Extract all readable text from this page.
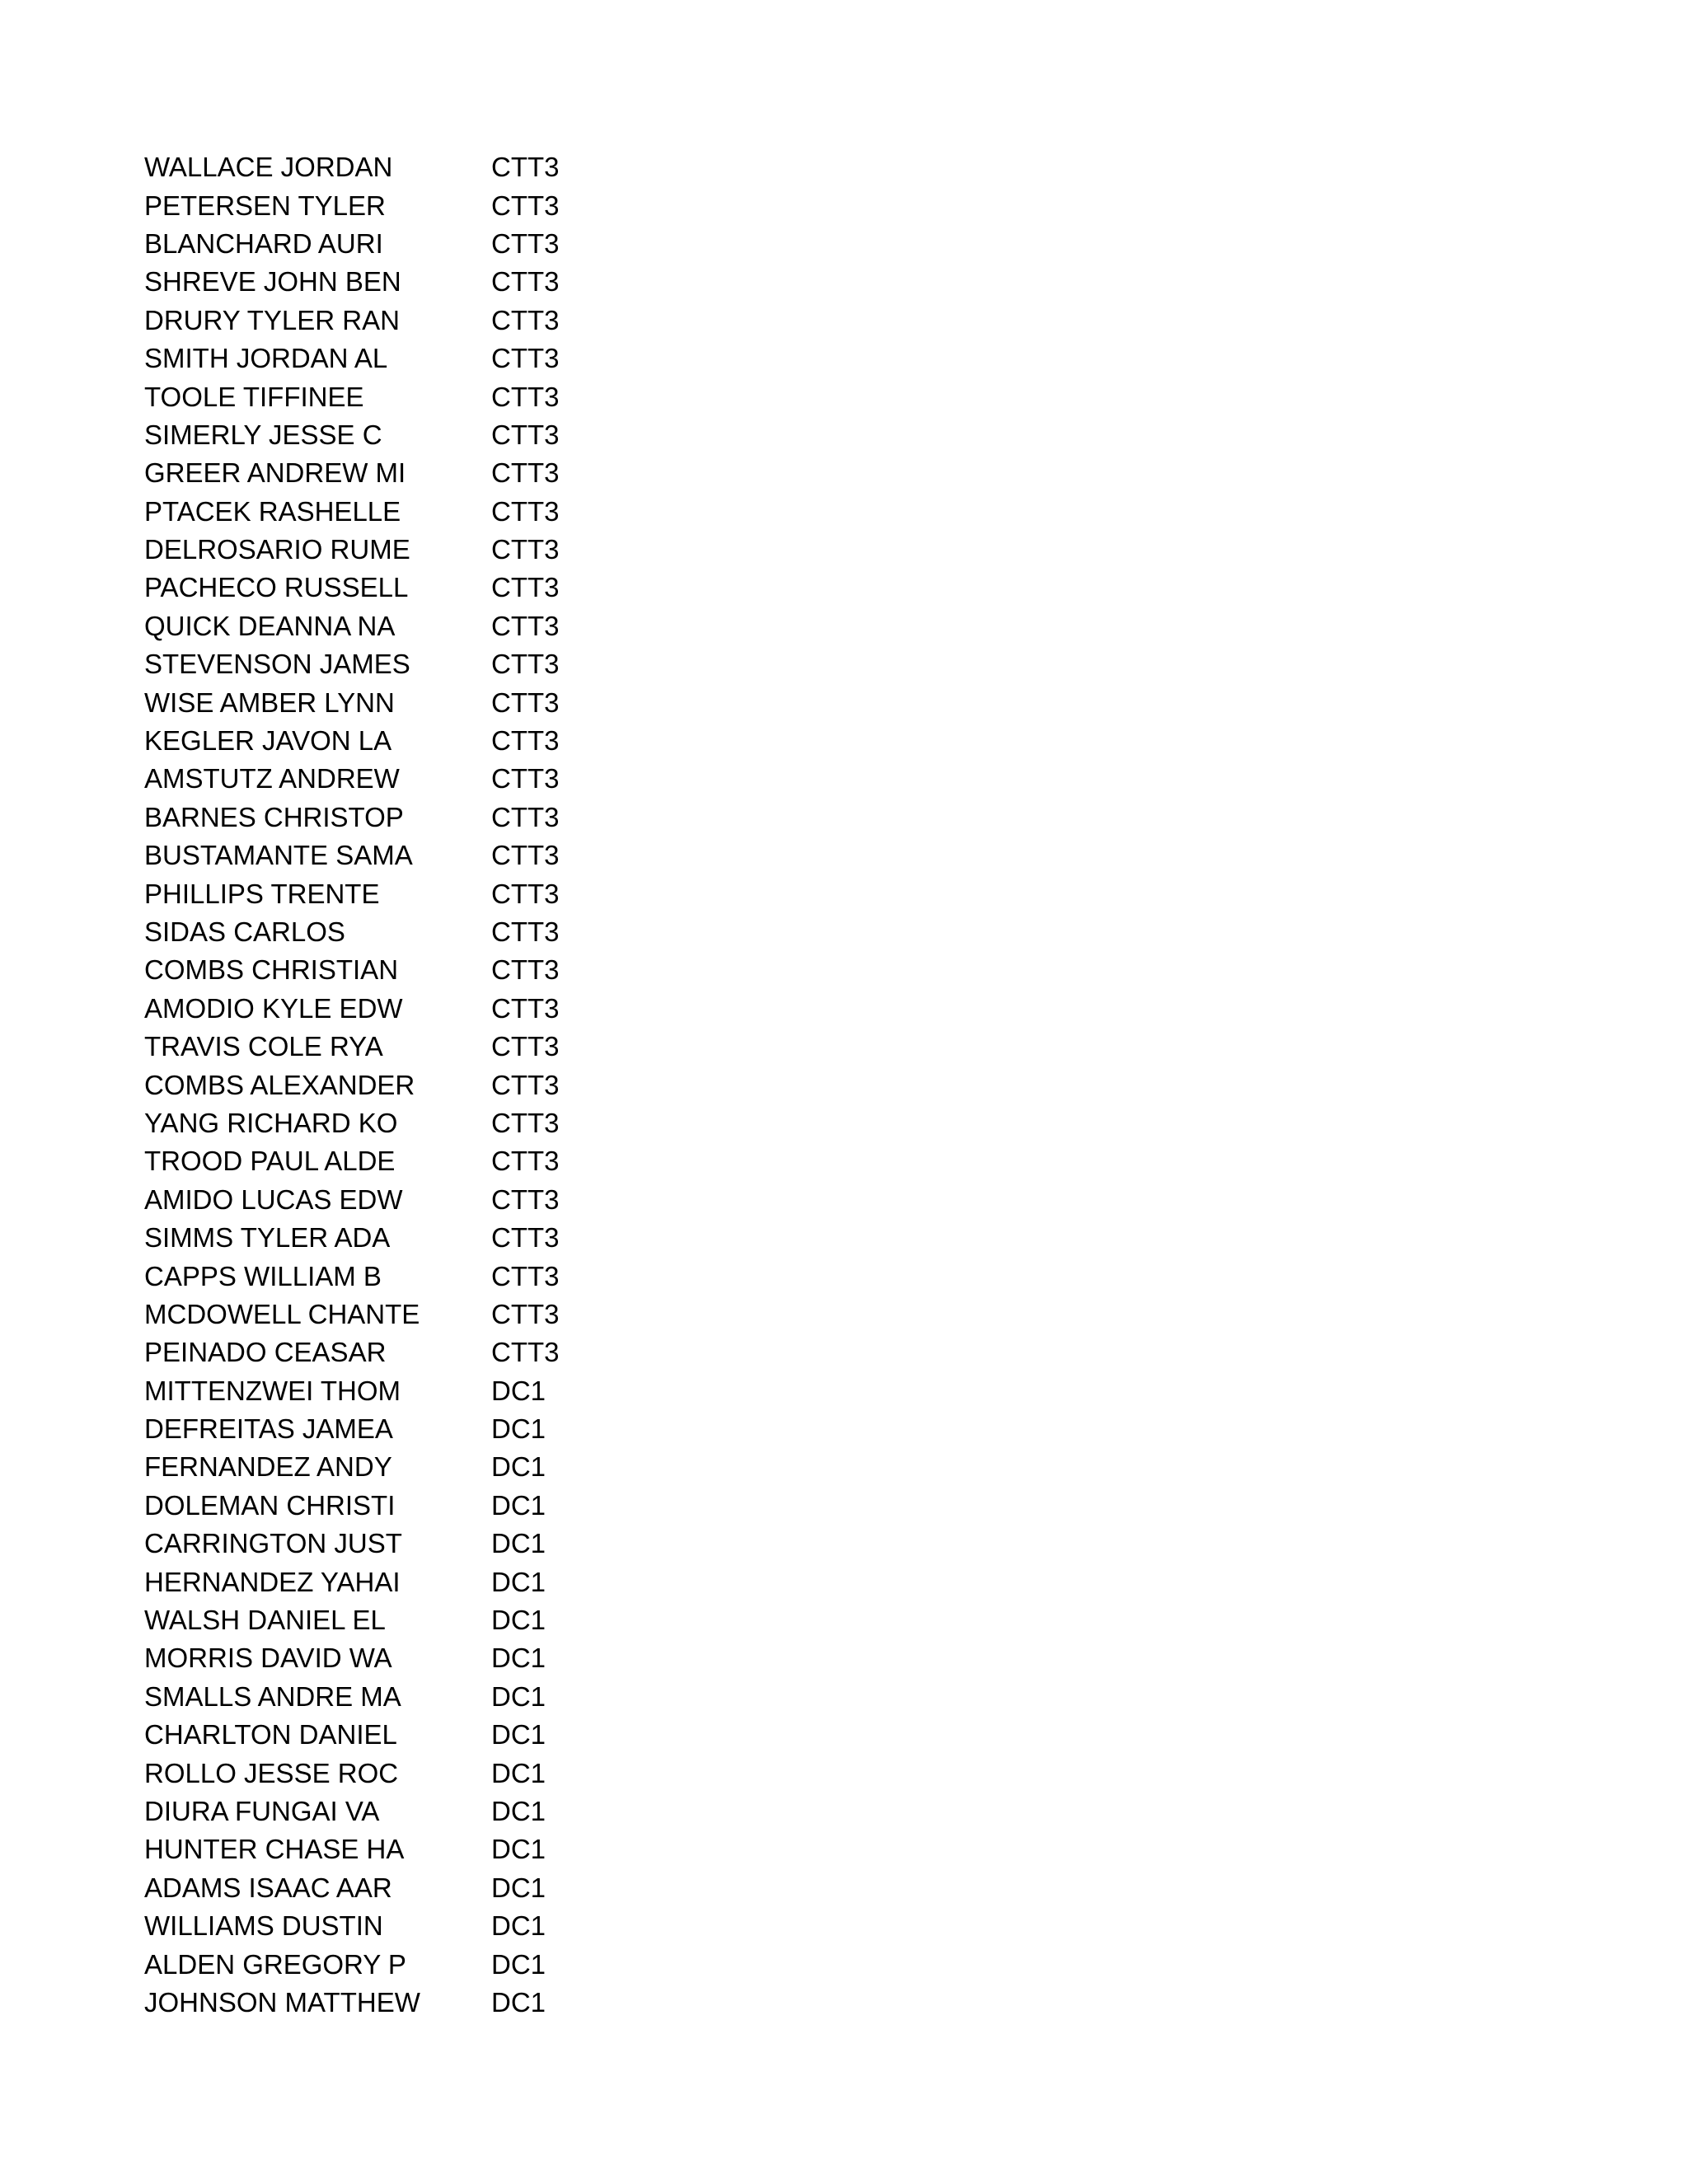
WALLACE JORDAN	CTT3
PETERSEN TYLER	CTT3
BLANCHARD AURI	CTT3
SHREVE JOHN BEN	CTT3
DRURY TYLER RAN	CTT3
SMITH JORDAN AL	CTT3
TOOLE TIFFINEE	CTT3
SIMERLY JESSE C	CTT3
GREER ANDREW MI	CTT3
PTACEK RASHELLE	CTT3
DELROSARIO RUME	CTT3
PACHECO RUSSELL	CTT3
QUICK DEANNA NA	CTT3
STEVENSON JAMES	CTT3
WISE AMBER LYNN	CTT3
KEGLER JAVON LA	CTT3
AMSTUTZ ANDREW	CTT3
BARNES CHRISTOP	CTT3
BUSTAMANTE SAMA	CTT3
PHILLIPS TRENTE	CTT3
SIDAS CARLOS	CTT3
COMBS CHRISTIAN	CTT3
AMODIO KYLE EDW	CTT3
TRAVIS COLE RYA	CTT3
COMBS ALEXANDER	CTT3
YANG RICHARD KO	CTT3
TROOD PAUL ALDE	CTT3
AMIDO LUCAS EDW	CTT3
SIMMS TYLER ADA	CTT3
CAPPS WILLIAM B	CTT3
MCDOWELL CHANTE	CTT3
PEINADO CEASAR	CTT3
MITTENZWEI THOM	DC1
DEFREITAS JAMEA	DC1
FERNANDEZ ANDY	DC1
DOLEMAN CHRISTI	DC1
CARRINGTON JUST	DC1
HERNANDEZ YAHAI	DC1
WALSH DANIEL EL	DC1
MORRIS DAVID WA	DC1
SMALLS ANDRE MA	DC1
CHARLTON DANIEL	DC1
ROLLO JESSE ROC	DC1
DIURA FUNGAI VA	DC1
HUNTER CHASE HA	DC1
ADAMS ISAAC AAR	DC1
WILLIAMS DUSTIN	DC1
ALDEN GREGORY P	DC1
JOHNSON MATTHEW	DC1
